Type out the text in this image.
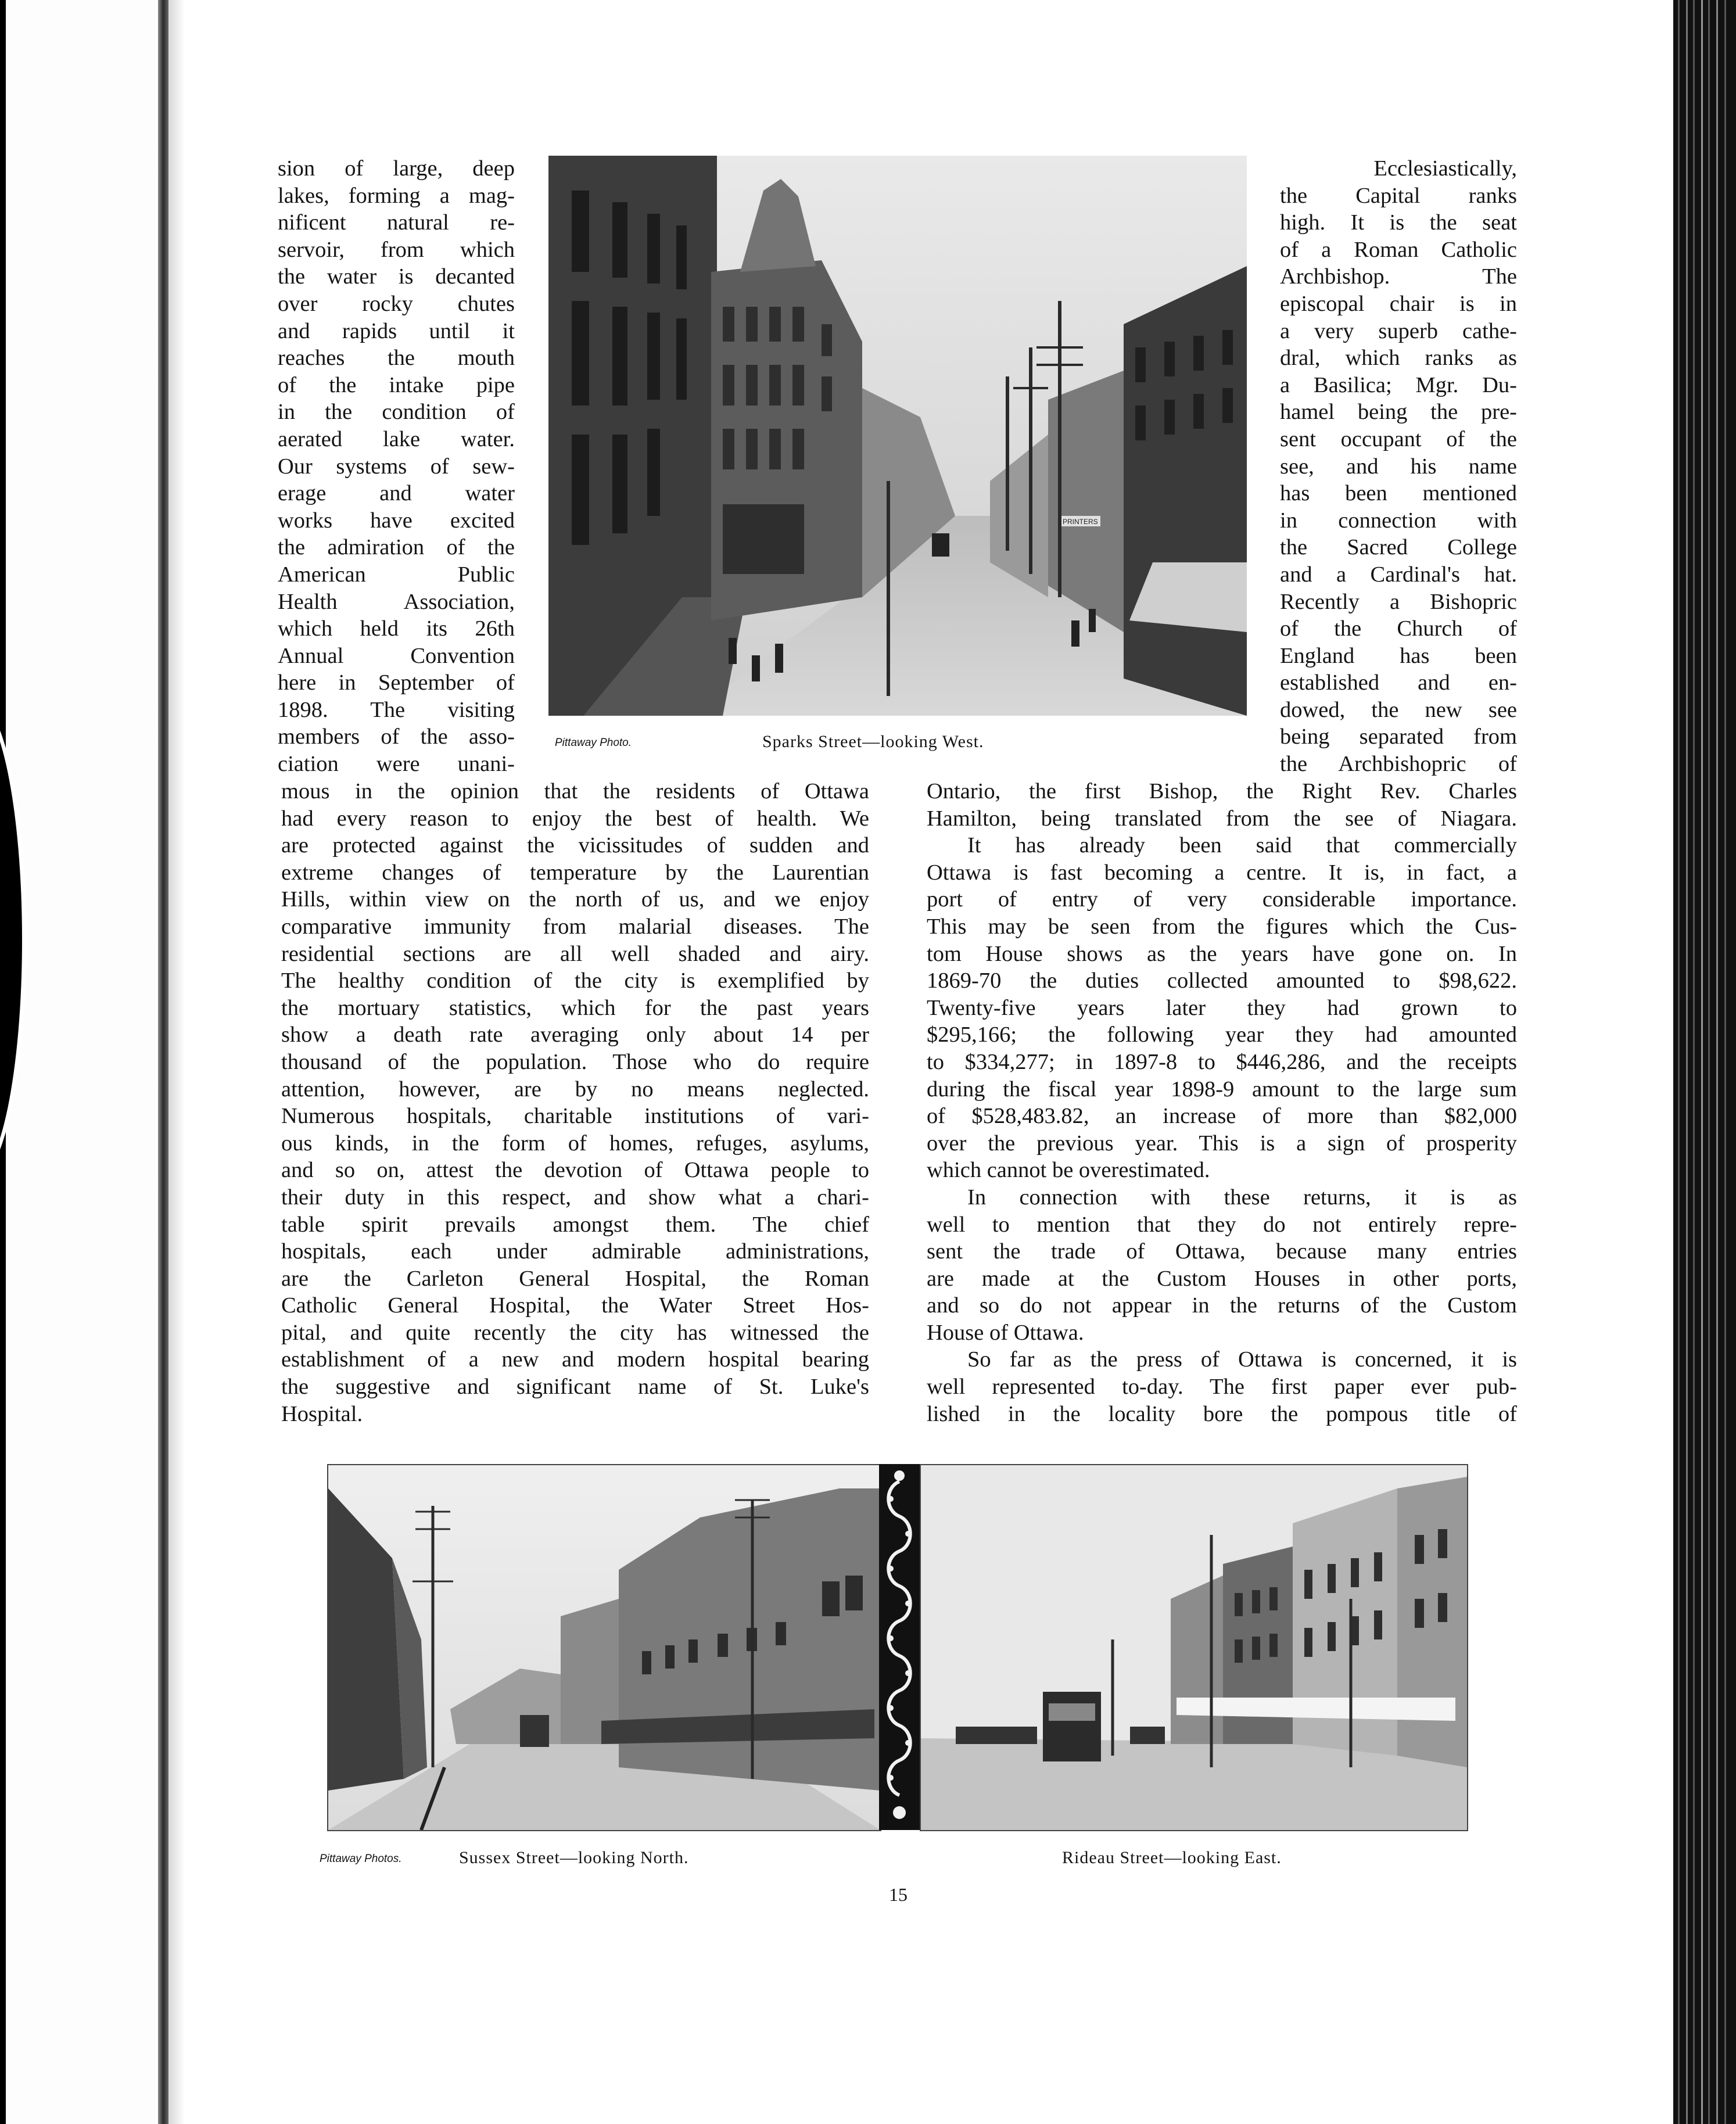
sion of large, deep
lakes, forming a mag-
nificent natural re-
servoir, from which
the water is decanted
over rocky chutes
and rapids until it
reaches the mouth
of the intake pipe
in the condition of
aerated lake water.
Our systems of sew-
erage and water
works have excited
the admiration of the
American Public
Health Association,
which held its 26th
Annual Convention
here in September of
1898. The visiting
members of the asso-
ciation were unani-
PRINTERS
Pittaway Photo.	Sparks Street—looking West.
Ecclesiastically,
the Capital ranks
high. It is the seat
of a Roman Catholic
Archbishop. The
episcopal chair is in
a very superb cathe-
dral, which ranks as
a Basilica; Mgr. Du-
hamel being the pre-
sent occupant of the
see, and his name
has been mentioned
in connection with
the Sacred College
and a Cardinal's hat.
Recently a Bishopric
of the Church of
England has been
established and en-
dowed, the new see
being separated from
the Archbishopric of
mous in the opinion that the residents of Ottawa
had every reason to enjoy the best of health. We
are protected against the vicissitudes of sudden and
extreme changes of temperature by the Laurentian
Hills, within view on the north of us, and we enjoy
comparative immunity from malarial diseases. The
residential sections are all well shaded and airy.
The healthy condition of the city is exemplified by
the mortuary statistics, which for the past years
show a death rate averaging only about 14 per
thousand of the population. Those who do require
attention, however, are by no means neglected.
Numerous hospitals, charitable institutions of vari-
ous kinds, in the form of homes, refuges, asylums,
and so on, attest the devotion of Ottawa people to
their duty in this respect, and show what a chari-
table spirit prevails amongst them. The chief
hospitals, each under admirable administrations,
are the Carleton General Hospital, the Roman
Catholic General Hospital, the Water Street Hos-
pital, and quite recently the city has witnessed the
establishment of a new and modern hospital bearing
the suggestive and significant name of St. Luke's
Hospital.
Ontario, the first Bishop, the Right Rev. Charles
Hamilton, being translated from the see of Niagara.
It has already been said that commercially
Ottawa is fast becoming a centre. It is, in fact, a
port of entry of very considerable importance.
This may be seen from the figures which the Cus-
tom House shows as the years have gone on. In
1869-70 the duties collected amounted to $98,622.
Twenty-five years later they had grown to
$295,166; the following year they had amounted
to $334,277; in 1897-8 to $446,286, and the receipts
during the fiscal year 1898-9 amount to the large sum
of $528,483.82, an increase of more than $82,000
over the previous year. This is a sign of prosperity
which cannot be overestimated.
In connection with these returns, it is as
well to mention that they do not entirely repre-
sent the trade of Ottawa, because many entries
are made at the Custom Houses in other ports,
and so do not appear in the returns of the Custom
House of Ottawa.
So far as the press of Ottawa is concerned, it is
well represented to-day. The first paper ever pub-
lished in the locality bore the pompous title of
Pittaway Photos.	Sussex Street—looking North.	Rideau Street—looking East.
15
